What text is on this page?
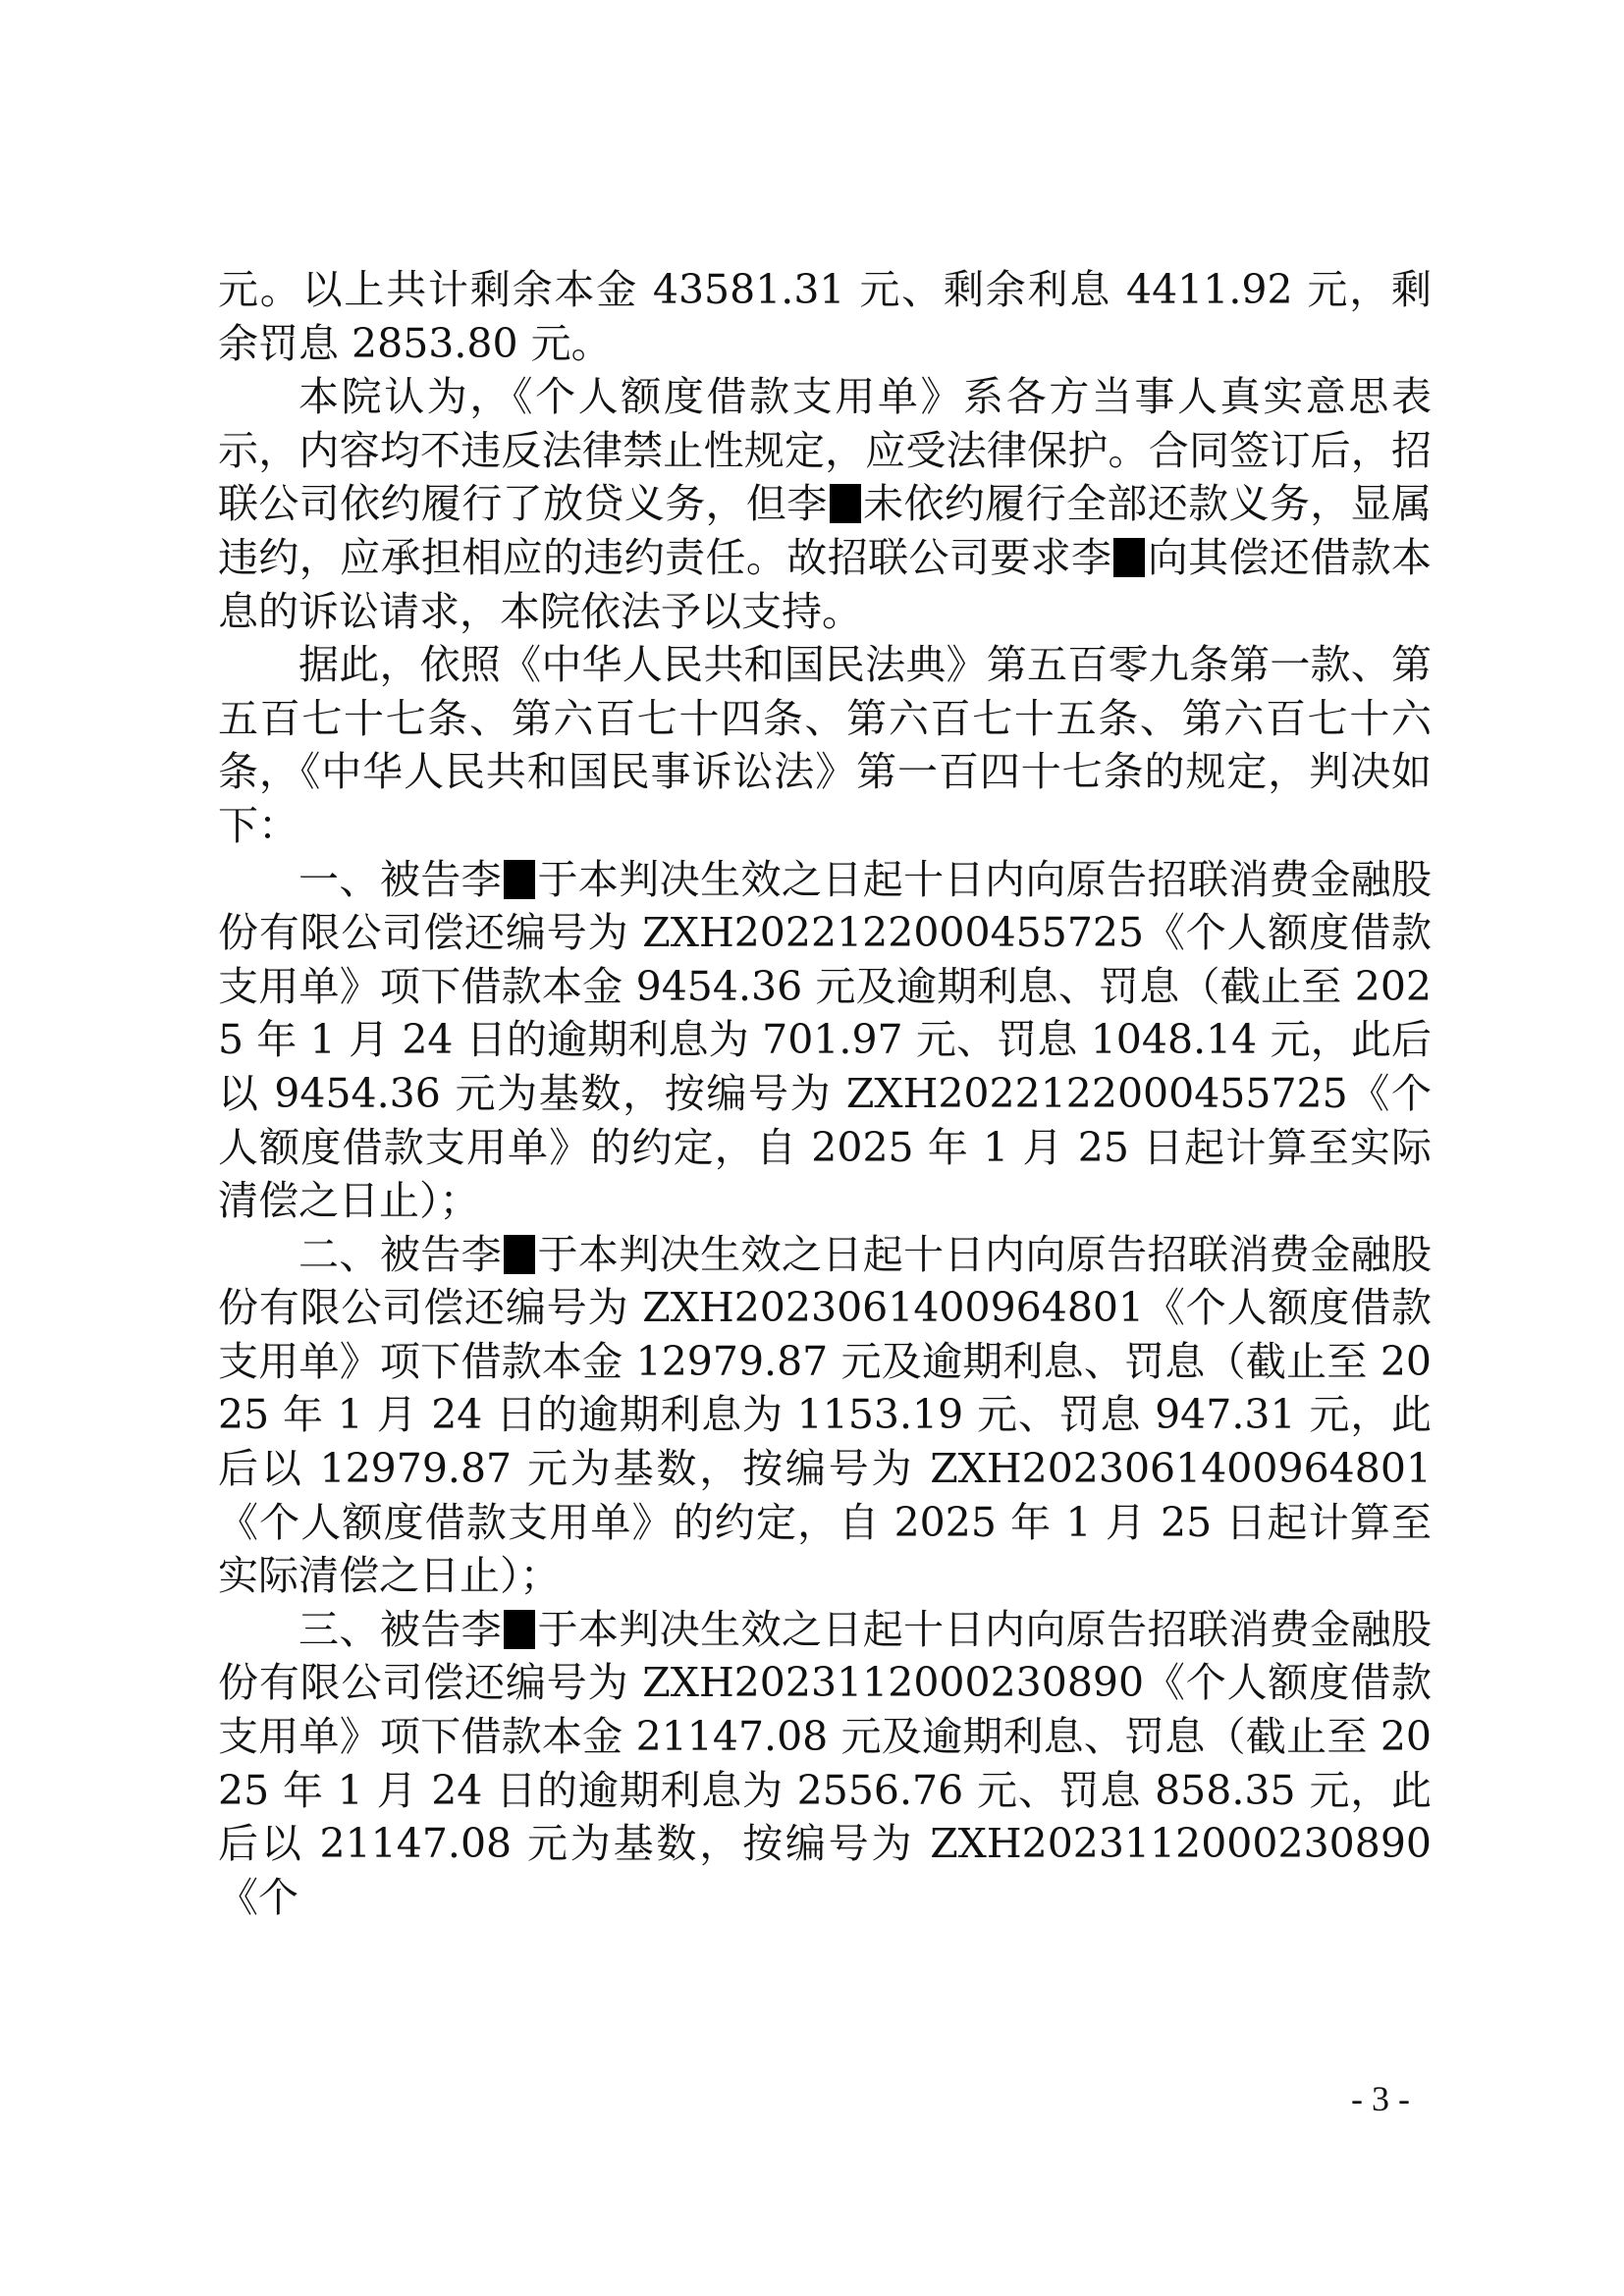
元。以上共计剩余本金 43581.31 元、剩余利息 4411.92 元，剩余罚息 2853.80 元。

本院认为，《个人额度借款支用单》系各方当事人真实意思表示，内容均不违反法律禁止性规定，应受法律保护。合同签订后，招联公司依约履行了放贷义务，但李 未依约履行全部还款义务，显属违约，应承担相应的违约责任。故招联公司要求李 向其偿还借款本息的诉讼请求，本院依法予以支持。

据此，依照《中华人民共和国民法典》第五百零九条第一款、第五百七十七条、第六百七十四条、第六百七十五条、第六百七十六条，《中华人民共和国民事诉讼法》第一百四十七条的规定，判决如下：

一、被告李 于本判决生效之日起十日内向原告招联消费金融股份有限公司偿还编号为 ZXH2022122000455725《个人额度借款支用单》项下借款本金 9454.36 元及逾期利息、罚息（截止至 2025 年 1 月 24 日的逾期利息为 701.97 元、罚息 1048.14 元，此后以 9454.36 元为基数，按编号为 ZXH2022122000455725《个人额度借款支用单》的约定，自 2025 年 1 月 25 日起计算至实际清偿之日止）；

二、被告李 于本判决生效之日起十日内向原告招联消费金融股份有限公司偿还编号为 ZXH2023061400964801《个人额度借款支用单》项下借款本金 12979.87 元及逾期利息、罚息（截止至 2025 年 1 月 24 日的逾期利息为 1153.19 元、罚息 947.31 元，此后以 12979.87 元为基数，按编号为 ZXH2023061400964801《个人额度借款支用单》的约定，自 2025 年 1 月 25 日起计算至实际清偿之日止）；

三、被告李 于本判决生效之日起十日内向原告招联消费金融股份有限公司偿还编号为 ZXH2023112000230890《个人额度借款支用单》项下借款本金 21147.08 元及逾期利息、罚息（截止至 2025 年 1 月 24 日的逾期利息为 2556.76 元、罚息 858.35 元，此后以 21147.08 元为基数，按编号为 ZXH2023112000230890《个

- 3 -
